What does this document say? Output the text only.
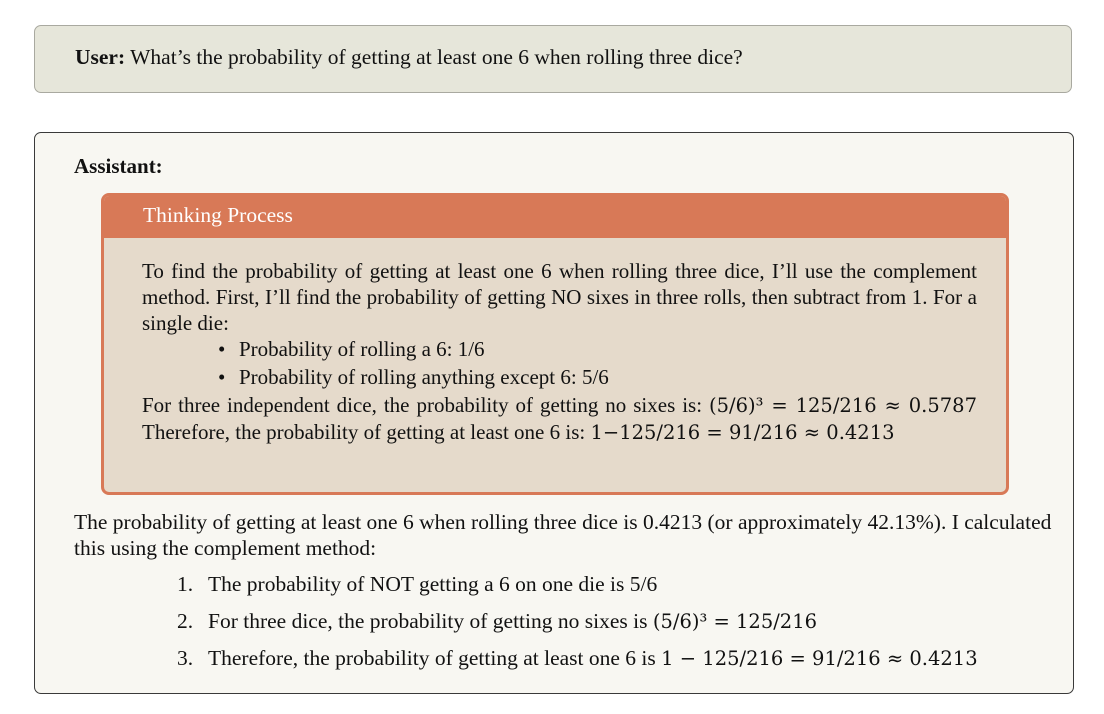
User: What’s the probability of getting at least one 6 when rolling three dice?
Assistant:
Thinking Process

To find the probability of getting at least one 6 when rolling three dice, I’ll use the complement method. First, I’ll find the probability of getting NO sixes in three rolls, then subtract from 1. For a single die:

• Probability of rolling a 6: 1/6
• Probability of rolling anything except 6: 5/6

For three independent dice, the probability of getting no sixes is: (5/6)³ = 125/216 ≈ 0.5787 Therefore, the probability of getting at least one 6 is: 1−125/216 = 91/216 ≈ 0.4213

The probability of getting at least one 6 when rolling three dice is 0.4213 (or approximately 42.13%). I calculated this using the complement method:

1. The probability of NOT getting a 6 on one die is 5/6
2. For three dice, the probability of getting no sixes is (5/6)³ = 125/216
3. Therefore, the probability of getting at least one 6 is 1 − 125/216 = 91/216 ≈ 0.4213
